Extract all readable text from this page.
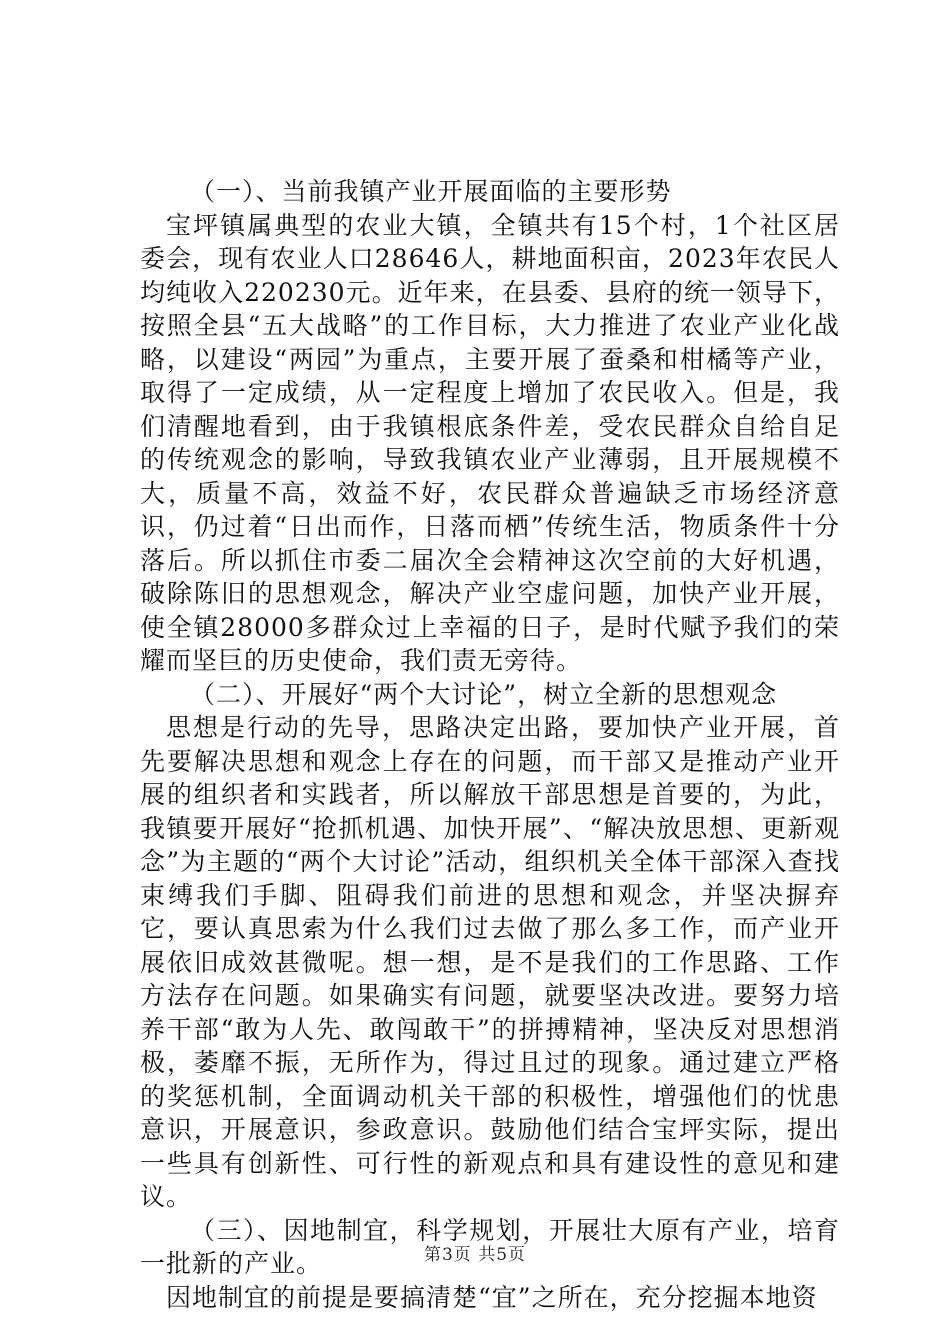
（一）、当前我镇产业开展面临的主要形势

宝坪镇属典型的农业大镇，全镇共有15个村，1个社区居委会，现有农业人口28646人，耕地面积亩，2023年农民人均纯收入220230元。近年来，在县委、县府的统一领导下，按照全县“五大战略”的工作目标，大力推进了农业产业化战略，以建设“两园”为重点，主要开展了蚕桑和柑橘等产业，取得了一定成绩，从一定程度上增加了农民收入。但是，我们清醒地看到，由于我镇根底条件差，受农民群众自给自足的传统观念的影响，导致我镇农业产业薄弱，且开展规模不大，质量不高，效益不好，农民群众普遍缺乏市场经济意识，仍过着“日出而作，日落而栖”传统生活，物质条件十分落后。所以抓住市委二届次全会精神这次空前的大好机遇，破除陈旧的思想观念，解决产业空虚问题，加快产业开展，使全镇28000多群众过上幸福的日子，是时代赋予我们的荣耀而坚巨的历史使命，我们责无旁待。

（二）、开展好“两个大讨论”，树立全新的思想观念

思想是行动的先导，思路决定出路，要加快产业开展，首先要解决思想和观念上存在的问题，而干部又是推动产业开展的组织者和实践者，所以解放干部思想是首要的，为此，我镇要开展好“抢抓机遇、加快开展”、“解决放思想、更新观念”为主题的“两个大讨论”活动，组织机关全体干部深入查找束缚我们手脚、阻碍我们前进的思想和观念，并坚决摒弃它，要认真思索为什么我们过去做了那么多工作，而产业开展依旧成效甚微呢。想一想，是不是我们的工作思路、工作方法存在问题。如果确实有问题，就要坚决改进。要努力培养干部“敢为人先、敢闯敢干”的拼搏精神，坚决反对思想消极，萎靡不振，无所作为，得过且过的现象。通过建立严格的奖惩机制，全面调动机关干部的积极性，增强他们的忧患意识，开展意识，参政意识。鼓励他们结合宝坪实际，提出一些具有创新性、可行性的新观点和具有建设性的意见和建议。

（三）、因地制宜，科学规划，开展壮大原有产业，培育一批新的产业。

因地制宜的前提是要搞清楚“宜”之所在，充分挖掘本地资

第3页 共5页
